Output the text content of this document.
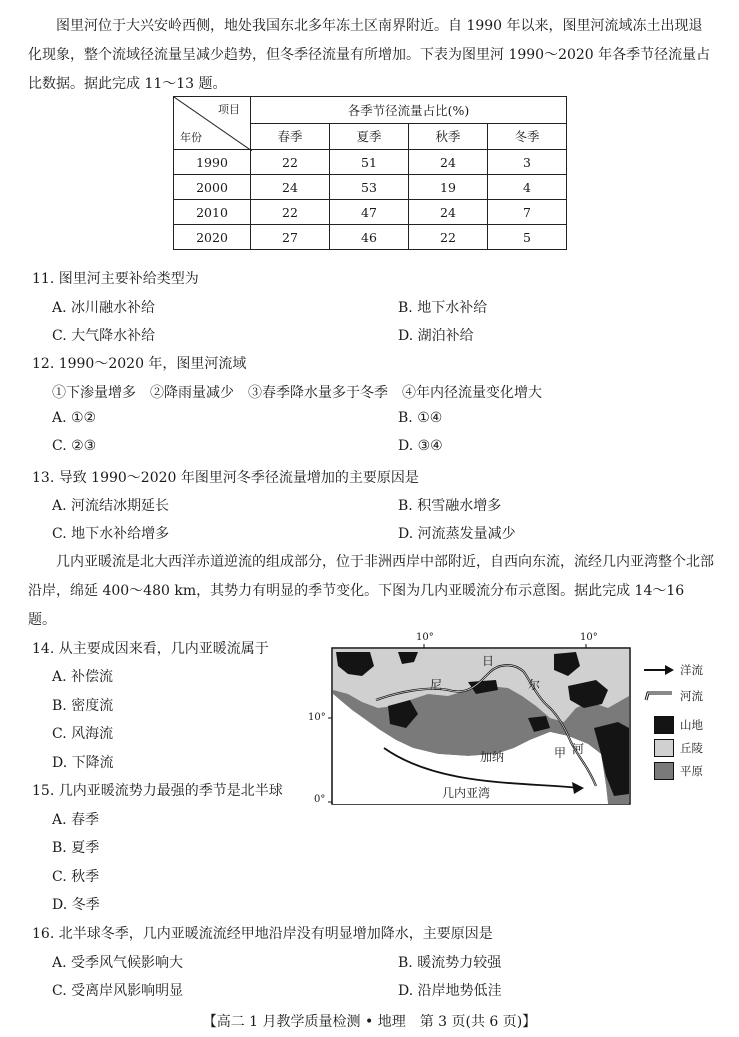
图里河位于大兴安岭西侧，地处我国东北多年冻土区南界附近。自 1990 年以来，图里河流域冻土出现退化现象，整个流域径流量呈减少趋势，但冬季径流量有所增加。下表为图里河 1990～2020 年各季节径流量占比数据。据此完成 11～13 题。

项目
年份	各季节径流量占比(%)			
	春季	夏季	秋季	冬季
1990	22	51	24	3
2000	24	53	19	4
2010	22	47	24	7
2020	27	46	22	5
11. 图里河主要补给类型为
A. 冰川融水补给	B. 地下水补给
C. 大气降水补给	D. 湖泊补给
12. 1990～2020 年，图里河流域
①下渗量增多　②降雨量减少　③春季降水量多于冬季　④年内径流量变化增大
A. ①②	B. ①④
C. ②③	D. ③④
13. 导致 1990～2020 年图里河冬季径流量增加的主要原因是
A. 河流结冰期延长	B. 积雪融水增多
C. 地下水补给增多	D. 河流蒸发量减少

几内亚暖流是北大西洋赤道逆流的组成部分，位于非洲西岸中部附近，自西向东流，流经几内亚湾整个北部沿岸，绵延 400～480 km，其势力有明显的季节变化。下图为几内亚暖流分布示意图。据此完成 14～16 题。

14. 从主要成因来看，几内亚暖流属于
A. 补偿流
B. 密度流
C. 风海流
D. 下降流
15. 几内亚暖流势力最强的季节是北半球
A. 春季
B. 夏季
C. 秋季
D. 冬季
16. 北半球冬季，几内亚暖流流经甲地沿岸没有明显增加降水，主要原因是
A. 受季风气候影响大	B. 暖流势力较强
C. 受离岸风影响明显	D. 沿岸地势低洼
10°	10°
10°
0°
尼
日
尔
甲 河
加纳
几内亚湾
洋流
河流
山地
丘陵
平原
【高二 1 月教学质量检测 • 地理　第 3 页(共 6 页)】
